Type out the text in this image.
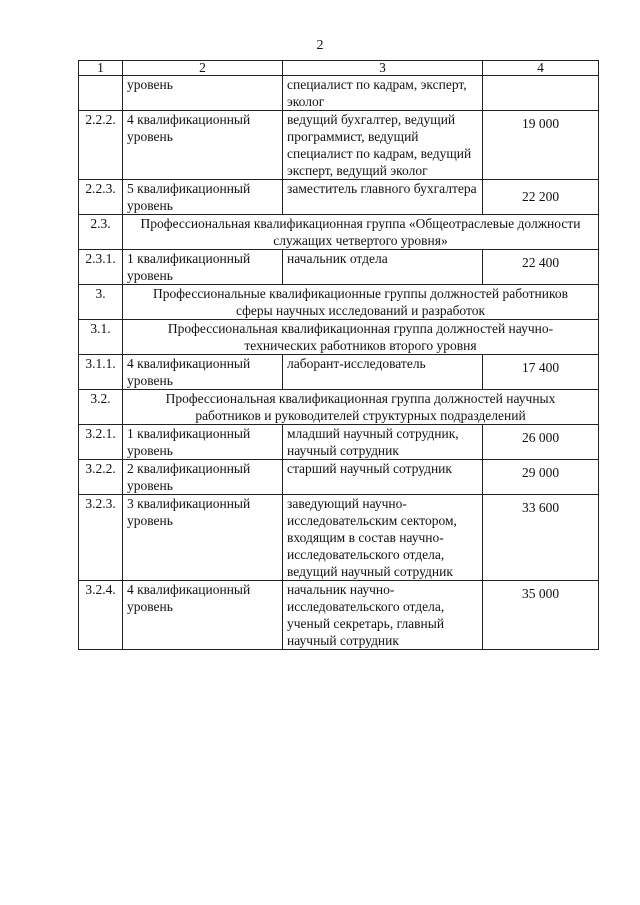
2
1	2	3	4
	уровень	специалист по кадрам, эксперт, эколог	
2.2.2.	4 квалификационный уровень	ведущий бухгалтер, ведущий программист, ведущий специалист по кадрам, ведущий эксперт, ведущий эколог	19 000
2.2.3.	5 квалификационный уровень	заместитель главного бухгалтера	22 200
2.3.	Профессиональная квалификационная группа «Общеотраслевые должности служащих четвертого уровня»		
2.3.1.	1 квалификационный уровень	начальник отдела	22 400
3.	Профессиональные квалификационные группы должностей работников сферы научных исследований и разработок		
3.1.	Профессиональная квалификационная группа должностей научно-технических работников второго уровня		
3.1.1.	4 квалификационный уровень	лаборант-исследователь	17 400
3.2.	Профессиональная квалификационная группа должностей научных работников и руководителей структурных подразделений		
3.2.1.	1 квалификационный уровень	младший научный сотрудник, научный сотрудник	26 000
3.2.2.	2 квалификационный уровень	старший научный сотрудник	29 000
3.2.3.	3 квалификационный уровень	заведующий научно-исследовательским сектором, входящим в состав научно-исследовательского отдела, ведущий научный сотрудник	33 600
3.2.4.	4 квалификационный уровень	начальник научно-исследовательского отдела, ученый секретарь, главный научный сотрудник	35 000
